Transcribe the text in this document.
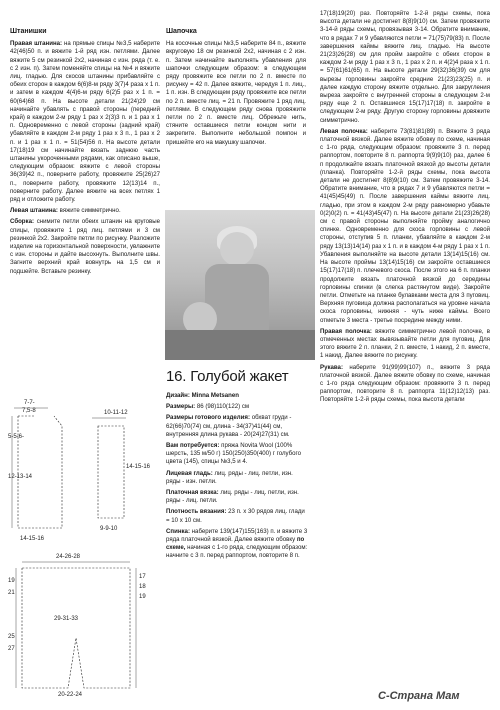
Штанишки

Правая штанина: на прямые спицы №3,5 наберите 42(46)50 п. и вяжите 1-й ряд изн. петлями. Далее вяжите 5 см резинкой 2х2, начиная с изн. ряда (т. е. с 2 изн. п). Затем поменяйте спицы на №4 и вяжите лиц. гладью. Для скосов штанины прибавляйте с обеих сторон в каждом 6(6)8-м ряду 3(7)4 раза х 1 п. и затем в каждом 4(4)6-м ряду 6(2)5 раз х 1 п. = 60(64)68 п. На высоте детали 21(24)29 см начинайте убавлять с правой стороны (передний край) в каждом 2-м ряду 1 раз х 2(3)3 п. и 1 раз х 1 п. Одновременно с левой стороны (задний край) убавляйте в каждом 2-м ряду 1 раз х 3 п., 1 раз х 2 п. и 1 раз х 1 п. = 51(54)56 п. На высоте детали 17(18)19 см начинайте вязать заднюю часть штанины укороченными рядами, как описано выше, следующим образом: вяжите с левой стороны 36(39)42 п., поверните работу, провяжите 25(26)27 п., поверните работу, провяжите 12(13)14 п., поверните работу. Далее вяжите на всех петлях 1 ряд и отложите работу.

Левая штанина: вяжите симметрично.

Сборка: снимите петли обеих штанин на круговые спицы, провяжите 1 ряд лиц. петлями и 3 см резинкой 2х2. Закройте петли по рисунку. Разложите изделие на горизонтальной поверхности, увлажните с изн. стороны и дайте высохнуть. Выполните швы. Загните верхний край вовнутрь на 1,5 см и подшейте. Вставьте резинку.

Шапочка

На косочные спицы №3,5 наберите 84 п., вяжите вкруговую 18 см резинкой 2х2, начиная с 2 изн. п. Затем начинайте выполнять убавления для шапочки следующим образом: в следующем ряду провяжите все петли по 2 п. вместе по рисунку = 42 п. Далее вяжите, чередуя 1 п. лиц., 1 п. изн. В следующем ряду провяжите все петли по 2 п. вместе лиц. = 21 п. Провяжите 1 ряд лиц. петлями. В следующем ряду снова провяжите петли по 2 п. вместе лиц. Обрежьте нить, стяните оставшиеся петли концом нити и закрепите. Выполните небольшой помпон и пришейте его на макушку шапочки.

16. Голубой жакет

Дизайн: Minna Metsanen

Размеры: 86 (98)110(122) см

Размеры готового изделия: обхват груди - 62(66)70(74) см, длина - 34(37)41(44) см, внутренняя длина рукава - 20(24)27(31) см.

Вам потребуется: пряжа Novita Wool (100% шерсть, 135 м/50 г) 150(250)350(400) г голубого цвета (145), спицы №3,5 и 4.

Лицевая гладь: лиц. ряды - лиц. петли, изн. ряды - изн. петли.

Платочная вязка: лиц. ряды - лиц. петли, изн. ряды - лиц. петли.

Плотность вязания: 23 п. х 30 рядов лиц. глади = 10 х 10 см.

Спинка: наберите 139(147)155(163) п. и вяжите 3 ряда платочной вязкой. Далее вяжите обовку по схеме, начиная с 1-го ряда, следующим образом: начните с 3 п. перед раппортом, повторите 8 п.

17(18)19(20) раз. Повторяйте 1-2-й ряды схемы, пока высота детали не достигнет 8(8)9(10) см. Затем провяжите 3-14-й ряды схемы, провязывая 3-14. Обратите внимание, что в рядах 7 и 9 убавляются петли = 71(75)79(83) п. После завершения каймы вяжите лиц. гладью. На высоте 21(23)26(28) см для пройм закройте с обеих сторон в каждом 2-м ряду 1 раз х 3 п., 1 раз х 2 п. и 4(2)4 раза х 1 п. = 57(61)61(65) п. На высоте детали 29(32)36(39) см для вырезы горловины закройте средние 21(23)23(25) п. и далее каждую сторону вяжите отдельно. Для закругления выреза закройте с внутренней стороны в следующем 2-м ряду еще 2 п. Оставшиеся 15(17)17(18) п. закройте в следующем 2-м ряду. Другую сторону горловины довяжите симметрично.

Левая полочка: наберите 73(81)81(89) п. Вяжите 3 ряда платочной вязкой. Далее вяжите обовку по схеме, начиная с 1-го ряда, следующим образом: провяжите 3 п. перед раппортом, повторите 8 п. раппорта 9(9)9(10) раз, далее 6 п продолжайте вязать платочной вязкой до высоты детали (планка). Повторяйте 1-2-й ряды схемы, пока высота детали не достигнет 8(8)9(10) см. Затем провяжите 3-14. Обратите внимание, что в рядах 7 и 9 убавляются петли = 41(45)45(49) п. После завершения каймы вяжите лиц. гладью, при этом в каждом 2-м ряду равномерно убавьте 0(2)0(2) п. = 41(43)45(47) п. На высоте детали 21(23)26(28) см с правой стороны выполняйте пройму аналогично спинке. Одновременно для скоса горловины с левой стороны, отступив 5 п. планки, убавляйте в каждом 2-м ряду 13(13)14(14) раз х 1 п. и в каждом 4-м ряду 1 раз х 1 п. Убавления выполняйте на высоте детали 13(14)15(16) см. На высоте проймы 13(14)15(16) см закройте оставшиеся 15(17)17(18) п. плечевого скоса. После этого на 6 п. планки продолжите вязать платочной вязкой до середины горловины спинки (в слегка растянутом виде). Закройте петли. Отметьте на планке булавками места для 3 пуговиц. Верхняя пуговица должна располагаться на уровне начала скоса горловины, нижняя - чуть ниже каймы. Всего отметьте 3 места - третье посредине между ними.

Правая полочка: вяжите симметрично левой полочке, в отмеченных местах вывязывайте петли для пуговиц. Для этого вяжите 2 п. планки, 2 п. вместе, 1 накид, 2 п. вместе, 1 накид. Далее вяжите по рисунку.

Рукава: наберите 91(99)99(107) п., вяжите 3 ряда платочной вязкой. Далее вяжите обовку по схеме, начиная с 1-го ряда следующим образом: провяжите 3 п. перед раппортом, повторите 8 п. раппорта 11(12)12(13) раз. Повторяйте 1-2-й ряды схемы, пока высота детали

7-7-
7,5-8	10-11-12
5-5-6-
12-13-14
14-15-16
14-15-16
9-9-10
24-26-28
19
21
25
27
29-31-33
17
18
19
20-22-24	С-Страна Мам
